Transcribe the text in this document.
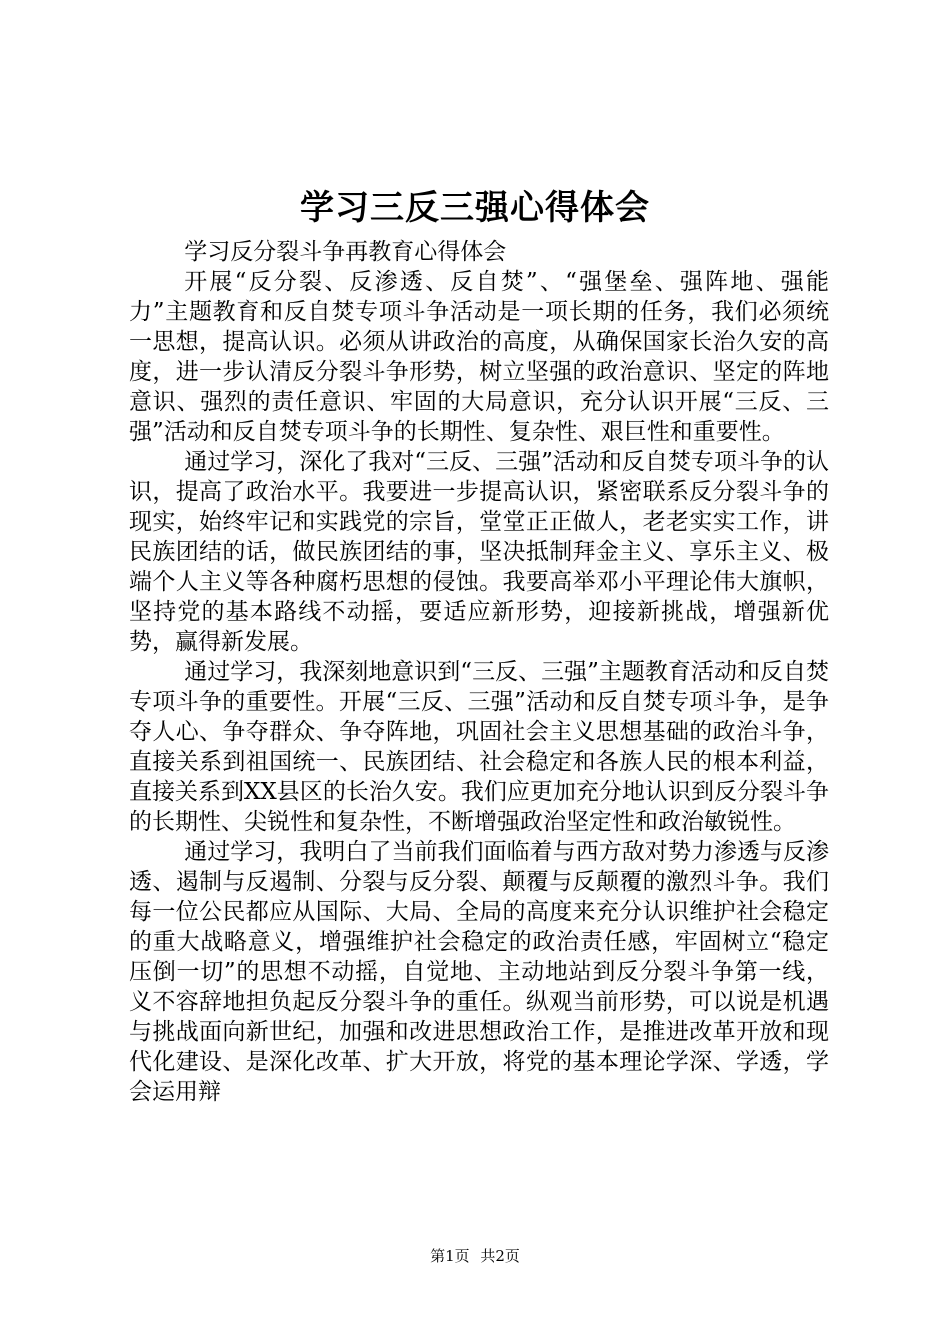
学习三反三强心得体会

学习反分裂斗争再教育心得体会

开展“反分裂、反渗透、反自焚”、“强堡垒、强阵地、强能力”主题教育和反自焚专项斗争活动是一项长期的任务，我们必须统一思想，提高认识。必须从讲政治的高度，从确保国家长治久安的高度，进一步认清反分裂斗争形势，树立坚强的政治意识、坚定的阵地意识、强烈的责任意识、牢固的大局意识，充分认识开展“三反、三强”活动和反自焚专项斗争的长期性、复杂性、艰巨性和重要性。

通过学习，深化了我对“三反、三强”活动和反自焚专项斗争的认识，提高了政治水平。我要进一步提高认识，紧密联系反分裂斗争的现实，始终牢记和实践党的宗旨，堂堂正正做人，老老实实工作，讲民族团结的话，做民族团结的事，坚决抵制拜金主义、享乐主义、极端个人主义等各种腐朽思想的侵蚀。我要高举邓小平理论伟大旗帜，坚持党的基本路线不动摇，要适应新形势，迎接新挑战，增强新优势，赢得新发展。

通过学习，我深刻地意识到“三反、三强”主题教育活动和反自焚专项斗争的重要性。开展“三反、三强”活动和反自焚专项斗争，是争夺人心、争夺群众、争夺阵地，巩固社会主义思想基础的政治斗争，直接关系到祖国统一、民族团结、社会稳定和各族人民的根本利益，直接关系到XX县区的长治久安。我们应更加充分地认识到反分裂斗争的长期性、尖锐性和复杂性，不断增强政治坚定性和政治敏锐性。

通过学习，我明白了当前我们面临着与西方敌对势力渗透与反渗透、遏制与反遏制、分裂与反分裂、颠覆与反颠覆的激烈斗争。我们每一位公民都应从国际、大局、全局的高度来充分认识维护社会稳定的重大战略意义，增强维护社会稳定的政治责任感，牢固树立“稳定压倒一切”的思想不动摇，自觉地、主动地站到反分裂斗争第一线，义不容辞地担负起反分裂斗争的重任。纵观当前形势，可以说是机遇与挑战面向新世纪，加强和改进思想政治工作，是推进改革开放和现代化建设、是深化改革、扩大开放，将党的基本理论学深、学透，学会运用辩

第1页 共2页
